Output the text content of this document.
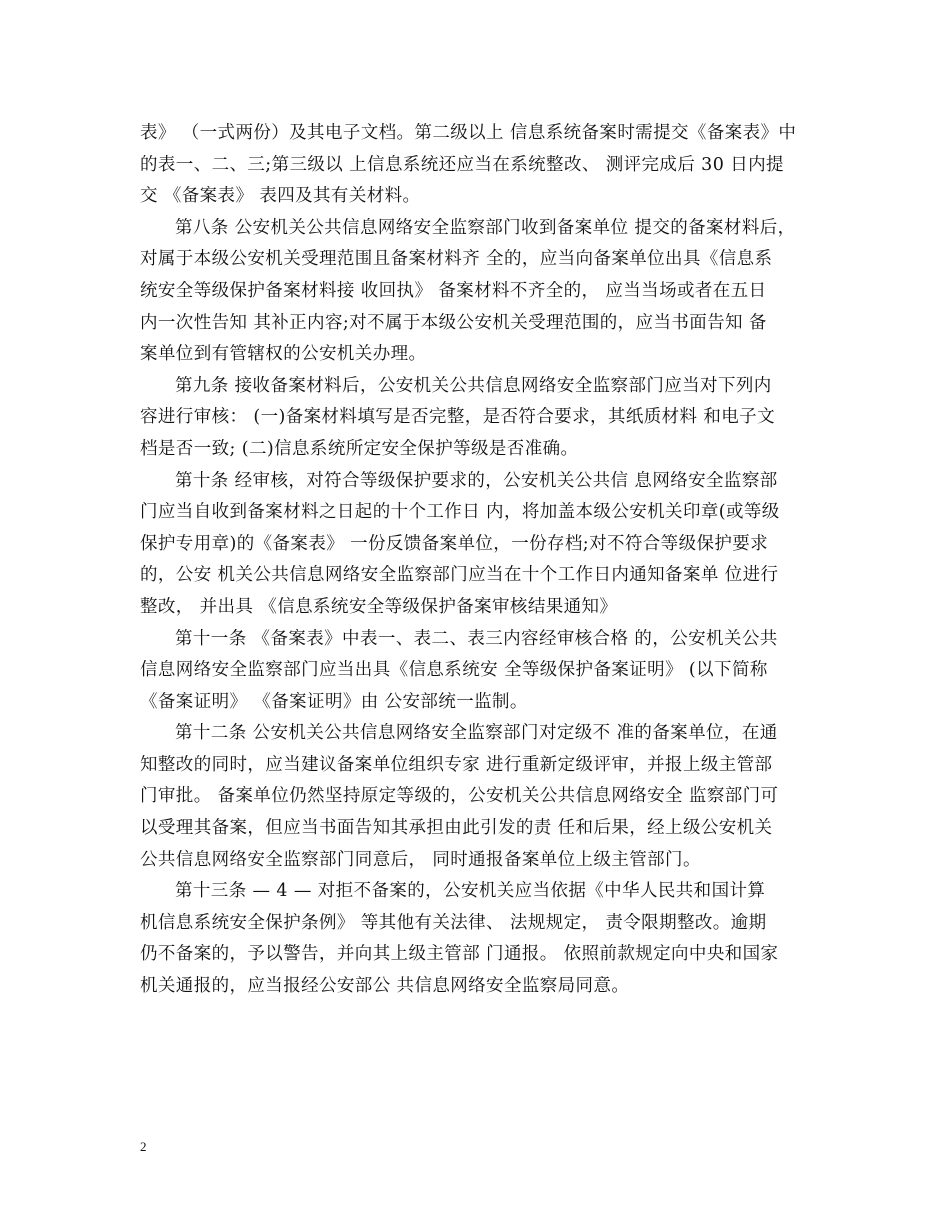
表》 （一式两份）及其电子文档。第二级以上 信息系统备案时需提交《备案表》中
的表一、二、三;第三级以 上信息系统还应当在系统整改、 测评完成后 30 日内提
交 《备案表》 表四及其有关材料。
第八条 公安机关公共信息网络安全监察部门收到备案单位 提交的备案材料后，
对属于本级公安机关受理范围且备案材料齐 全的，应当向备案单位出具《信息系
统安全等级保护备案材料接 收回执》 备案材料不齐全的， 应当当场或者在五日
内一次性告知 其补正内容;对不属于本级公安机关受理范围的，应当书面告知 备
案单位到有管辖权的公安机关办理。
第九条 接收备案材料后，公安机关公共信息网络安全监察部门应当对下列内
容进行审核： (一)备案材料填写是否完整，是否符合要求，其纸质材料 和电子文
档是否一致; (二)信息系统所定安全保护等级是否准确。
第十条 经审核，对符合等级保护要求的，公安机关公共信 息网络安全监察部
门应当自收到备案材料之日起的十个工作日 内，将加盖本级公安机关印章(或等级
保护专用章)的《备案表》 一份反馈备案单位，一份存档;对不符合等级保护要求
的，公安 机关公共信息网络安全监察部门应当在十个工作日内通知备案单 位进行
整改， 并出具 《信息系统安全等级保护备案审核结果通知》
第十一条 《备案表》中表一、表二、表三内容经审核合格 的，公安机关公共
信息网络安全监察部门应当出具《信息系统安 全等级保护备案证明》 (以下简称
《备案证明》 《备案证明》由 公安部统一监制。
第十二条 公安机关公共信息网络安全监察部门对定级不 准的备案单位，在通
知整改的同时，应当建议备案单位组织专家 进行重新定级评审，并报上级主管部
门审批。 备案单位仍然坚持原定等级的，公安机关公共信息网络安全 监察部门可
以受理其备案，但应当书面告知其承担由此引发的责 任和后果，经上级公安机关
公共信息网络安全监察部门同意后， 同时通报备案单位上级主管部门。
第十三条 — 4 — 对拒不备案的，公安机关应当依据《中华人民共和国计算
机信息系统安全保护条例》 等其他有关法律、 法规规定， 责令限期整改。逾期
仍不备案的，予以警告，并向其上级主管部 门通报。 依照前款规定向中央和国家
机关通报的，应当报经公安部公 共信息网络安全监察局同意。
2
